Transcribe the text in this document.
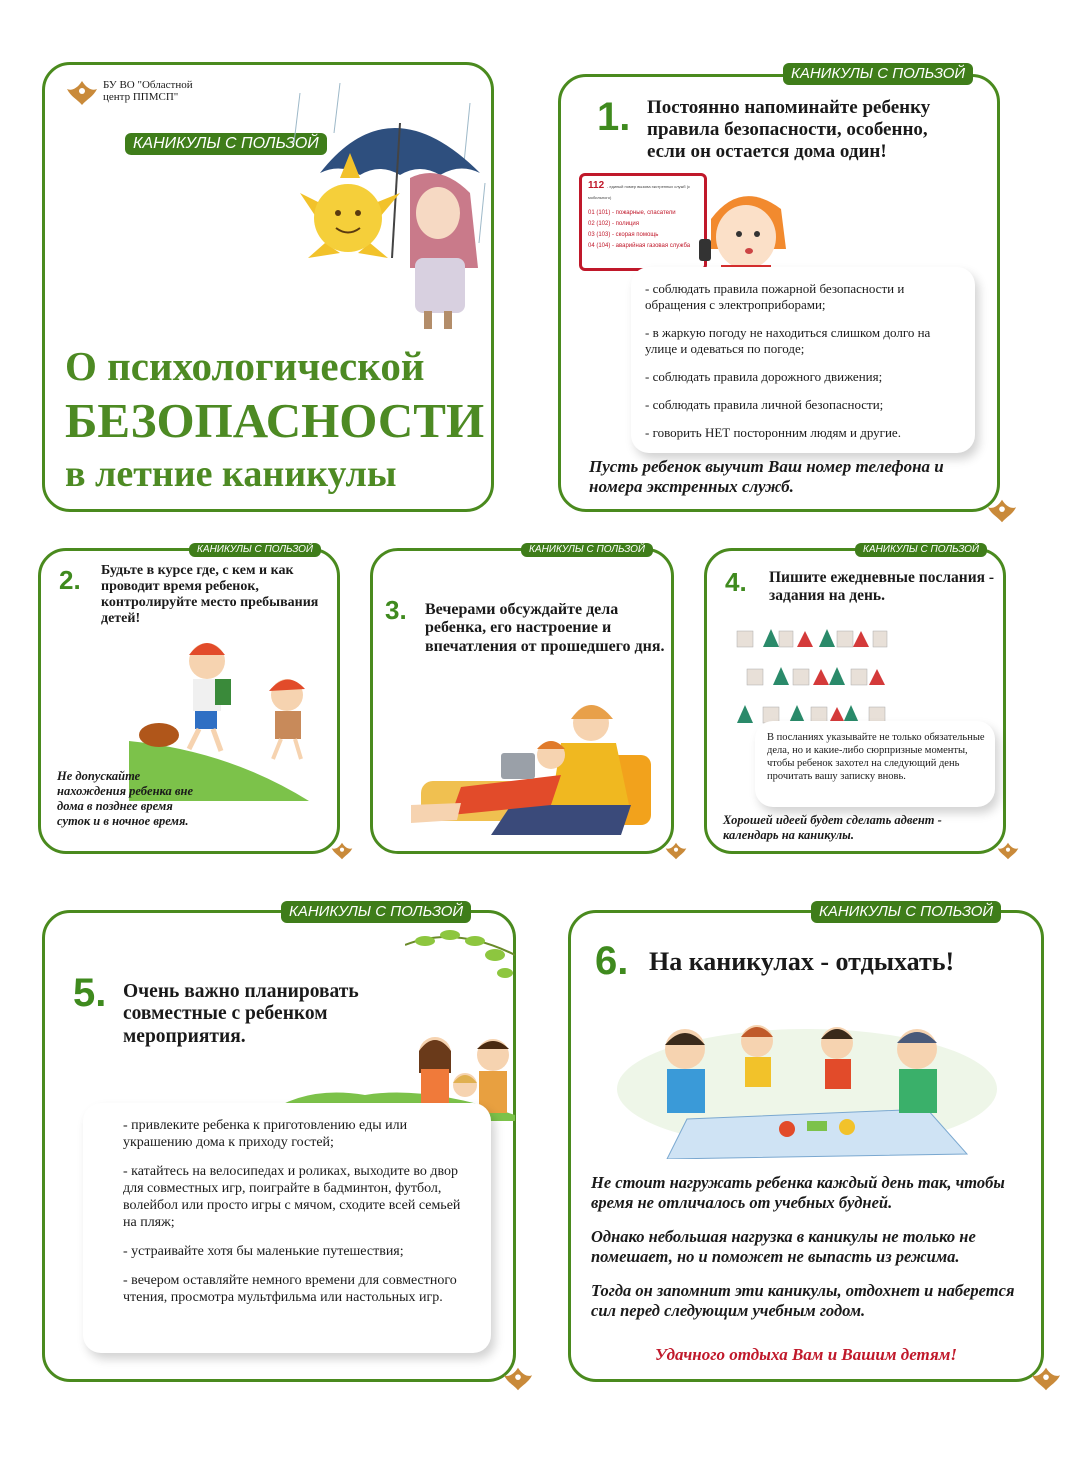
БУ ВО "Областной
центр ППМСП"
КАНИКУЛЫ С ПОЛЬЗОЙ
О психологической
БЕЗОПАСНОСТИ
в летние каникулы
КАНИКУЛЫ С ПОЛЬЗОЙ
1. Постоянно напоминайте ребенку правила безопасности, особенно, если он остается дома один!
112 - единый номер вызова экстренных служб (с мобильного)
01 (101) - пожарные, спасатели
02 (102) - полиция
03 (103) - скорая помощь
04 (104) - аварийная газовая служба

- соблюдать правила пожарной безопасности и обращения с электроприборами;

- в жаркую погоду не находиться слишком долго на улице и одеваться по погоде;

- соблюдать правила дорожного движения;

- соблюдать правила личной безопасности;

- говорить НЕТ посторонним людям и другие.

Пусть ребенок выучит Ваш номер телефона и номера экстренных служб.
КАНИКУЛЫ С ПОЛЬЗОЙ
2. Будьте в курсе где, с кем и как проводит время ребенок, контролируйте место пребывания детей!
Не допускайте нахождения ребенка вне дома в позднее время суток и в ночное время.
КАНИКУЛЫ С ПОЛЬЗОЙ
3. Вечерами обсуждайте дела ребенка, его настроение и впечатления от прошедшего дня.
КАНИКУЛЫ С ПОЛЬЗОЙ
4. Пишите ежедневные послания - задания на день.
В посланиях указывайте не только обязательные дела, но и какие-либо сюрпризные моменты, чтобы ребенок захотел на следующий день прочитать вашу записку вновь.
Хорошей идеей будет сделать адвент - календарь на каникулы.
КАНИКУЛЫ С ПОЛЬЗОЙ
5. Очень важно планировать совместные с ребенком мероприятия.

- привлеките ребенка к приготовлению еды или украшению дома к приходу гостей;

- катайтесь на велосипедах и роликах, выходите во двор для совместных игр, поиграйте в бадминтон, футбол, волейбол или просто игры с мячом, сходите всей семьей на пляж;

- устраивайте хотя бы маленькие путешествия;

- вечером оставляйте немного времени для совместного чтения, просмотра мультфильма или настольных игр.

КАНИКУЛЫ С ПОЛЬЗОЙ
6. На каникулах - отдыхать!

Не стоит нагружать ребенка каждый день так, чтобы время не отличалось от учебных будней.

Однако небольшая нагрузка в каникулы не только не помешает, но и поможет не выпасть из режима.

Тогда он запомнит эти каникулы, отдохнет и наберется сил перед следующим учебным годом.

Удачного отдыха Вам и Вашим детям!
